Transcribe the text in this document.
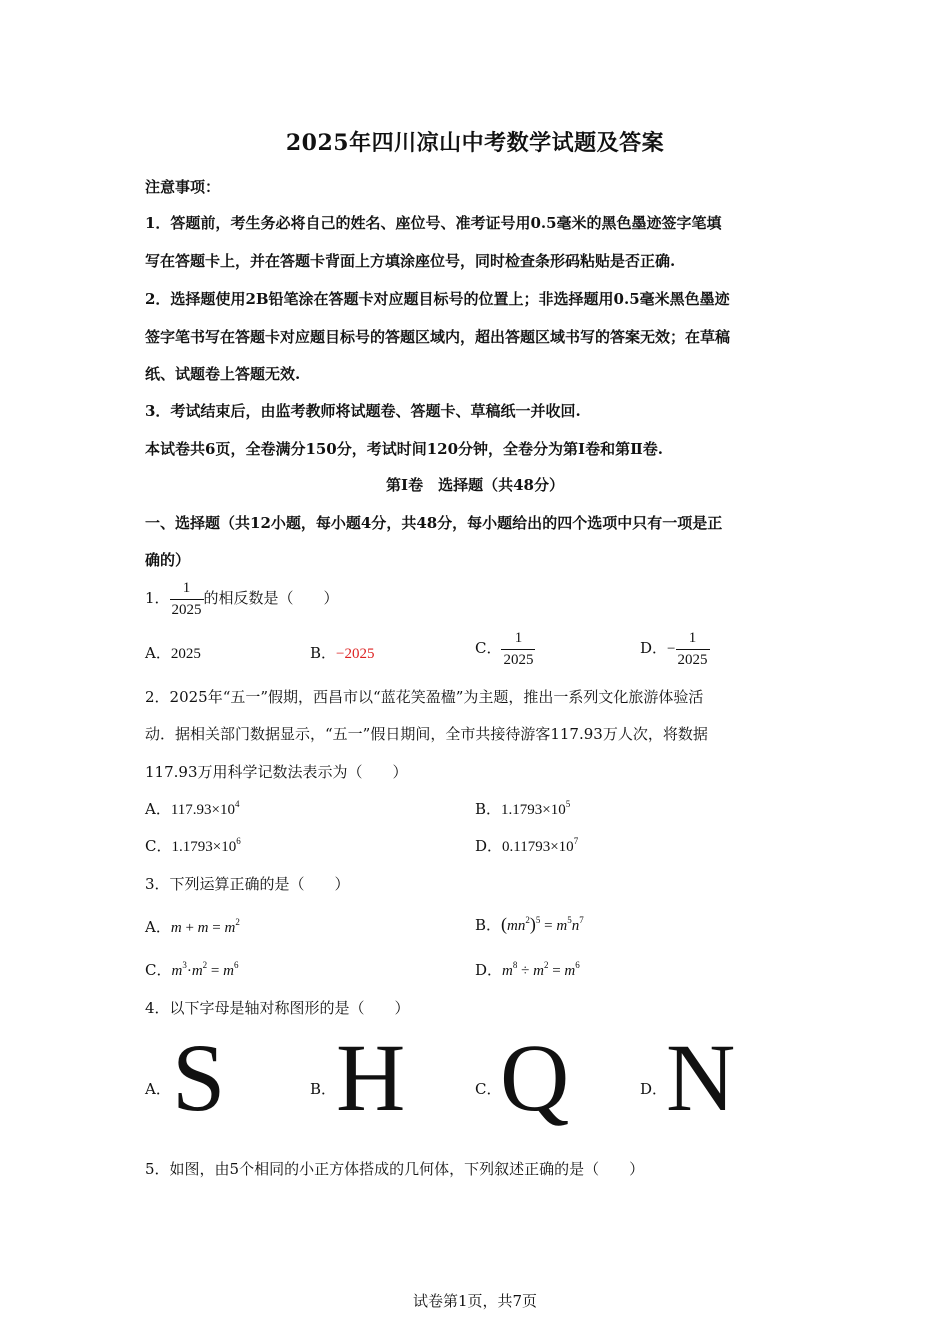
2025年四川凉山中考数学试题及答案
注意事项：
1．答题前，考生务必将自己的姓名、座位号、准考证号用0.5毫米的黑色墨迹签字笔填
写在答题卡上，并在答题卡背面上方填涂座位号，同时检查条形码粘贴是否正确.
2．选择题使用2B铅笔涂在答题卡对应题目标号的位置上；非选择题用0.5毫米黑色墨迹
签字笔书写在答题卡对应题目标号的答题区域内，超出答题区域书写的答案无效；在草稿
纸、试题卷上答题无效.
3．考试结束后，由监考教师将试题卷、答题卡、草稿纸一并收回.
本试卷共6页，全卷满分150分，考试时间120分钟，全卷分为第Ⅰ卷和第Ⅱ卷.
第Ⅰ卷　选择题（共48分）
一、选择题（共12小题，每小题4分，共48分，每小题给出的四个选项中只有一项是正
确的）
1． $\frac{1}{2025}$ 的相反数是（　　）
A．2025	B．−2025	C． $\frac{1}{2025}$	D．− $\frac{1}{2025}$
2．2025年“五一”假期，西昌市以“蓝花笑盈楹”为主题，推出一系列文化旅游体验活
动．据相关部门数据显示，“五一”假日期间，全市共接待游客117.93万人次，将数据
117.93万用科学记数法表示为（　　）
A．$117.93\times 10^4$	B．$1.1793\times 10^5$
C．$1.1793\times 10^6$	D．$0.11793\times 10^7$
3．下列运算正确的是（　　）
A．$m + m = m^2$	B．$(mn^2)^5 = m^5n^7$
C．$m^3\cdot m^2 = m^6$	D．$m^8 \div m^2 = m^6$
4．以下字母是轴对称图形的是（　　）
A． S	B． H	C．
Q	D．
N
5．如图，由5个相同的小正方体搭成的几何体，下列叙述正确的是（　　）
试卷第1页，共7页
